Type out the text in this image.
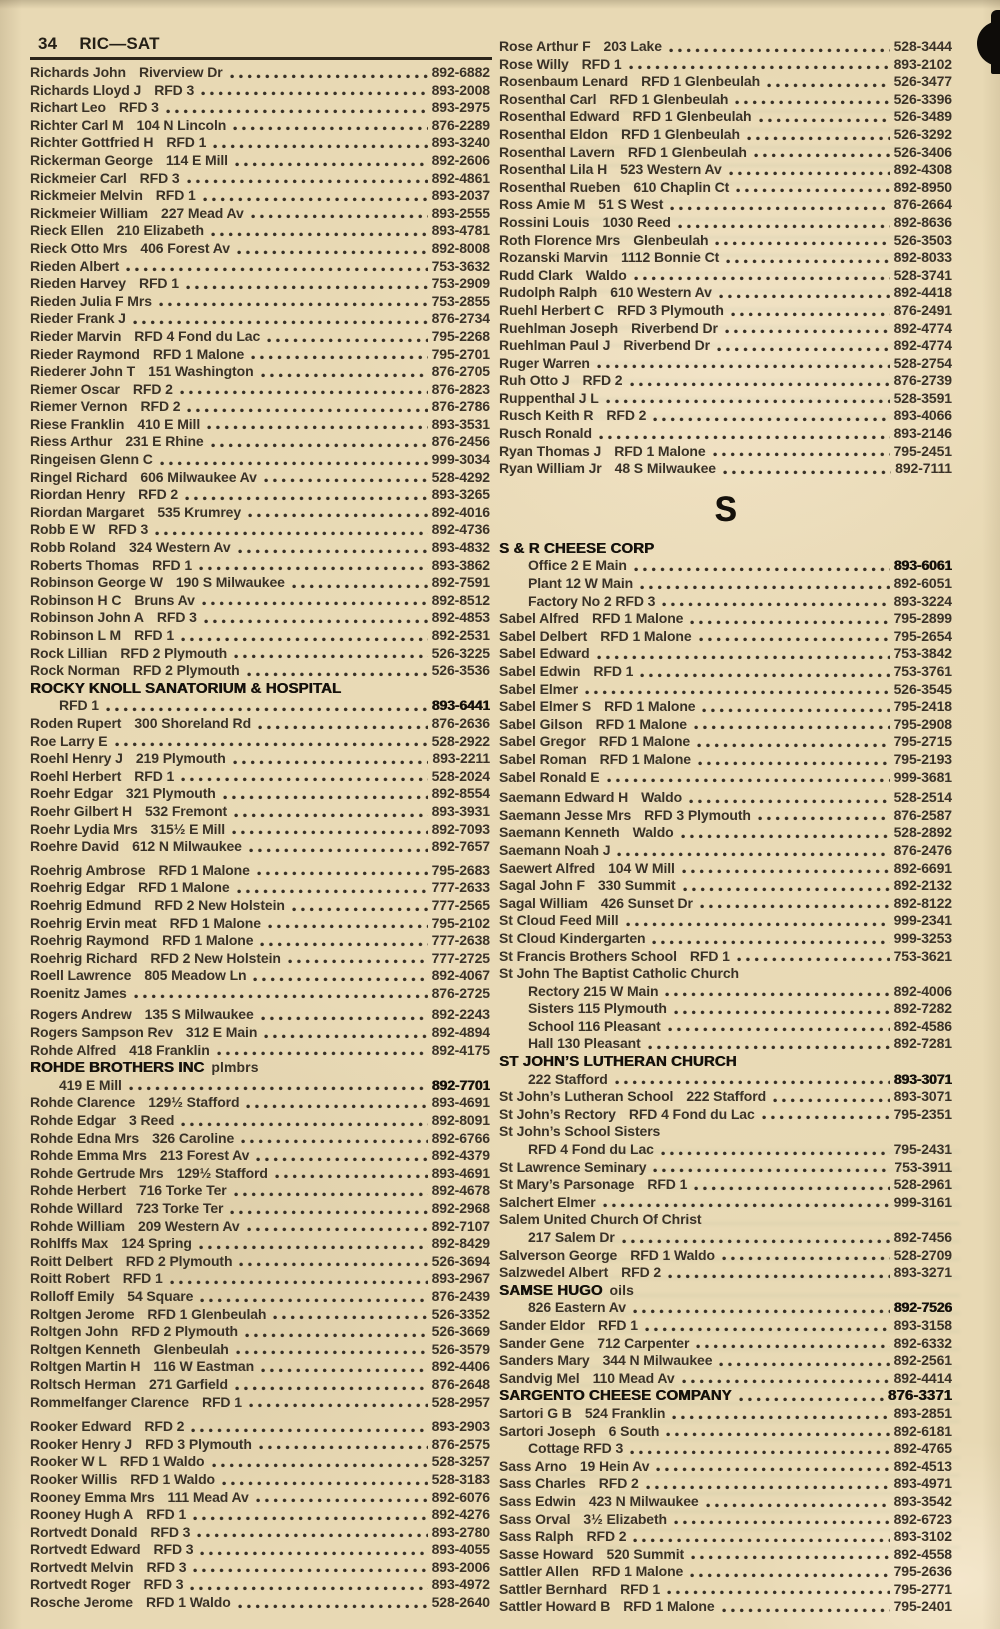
34 RIC—SAT
Richards John Riverview Dr	892-6882
Richards Lloyd J RFD 3	893-2008
Richart Leo RFD 3	893-2975
Richter Carl M 104 N Lincoln	876-2289
Richter Gottfried H RFD 1	893-3240
Rickerman George 114 E Mill	892-2606
Rickmeier Carl RFD 3	892-4861
Rickmeier Melvin RFD 1	893-2037
Rickmeier William 227 Mead Av	893-2555
Rieck Ellen 210 Elizabeth	893-4781
Rieck Otto Mrs 406 Forest Av	892-8008
Rieden Albert	753-3632
Rieden Harvey RFD 1	753-2909
Rieden Julia F Mrs	753-2855
Rieder Frank J	876-2734
Rieder Marvin RFD 4 Fond du Lac	795-2268
Rieder Raymond RFD 1 Malone	795-2701
Riederer John T 151 Washington	876-2705
Riemer Oscar RFD 2	876-2823
Riemer Vernon RFD 2	876-2786
Riese Franklin 410 E Mill	893-3531
Riess Arthur 231 E Rhine	876-2456
Ringeisen Glenn C	999-3034
Ringel Richard 606 Milwaukee Av	528-4292
Riordan Henry RFD 2	893-3265
Riordan Margaret 535 Krumrey	892-4016
Robb E W RFD 3	892-4736
Robb Roland 324 Western Av	893-4832
Roberts Thomas RFD 1	893-3862
Robinson George W 190 S Milwaukee	892-7591
Robinson H C Bruns Av	892-8512
Robinson John A RFD 3	892-4853
Robinson L M RFD 1	892-2531
Rock Lillian RFD 2 Plymouth	526-3225
Rock Norman RFD 2 Plymouth	526-3536
ROCKY KNOLL SANATORIUM & HOSPITAL
RFD 1	893-6441
Roden Rupert 300 Shoreland Rd	876-2636
Roe Larry E	528-2922
Roehl Henry J 219 Plymouth	893-2211
Roehl Herbert RFD 1	528-2024
Roehr Edgar 321 Plymouth	892-8554
Roehr Gilbert H 532 Fremont	893-3931
Roehr Lydia Mrs 315½ E Mill	892-7093
Roehre David 612 N Milwaukee	892-7657
Roehrig Ambrose RFD 1 Malone	795-2683
Roehrig Edgar RFD 1 Malone	777-2633
Roehrig Edmund RFD 2 New Holstein	777-2565
Roehrig Ervin meat RFD 1 Malone	795-2102
Roehrig Raymond RFD 1 Malone	777-2638
Roehrig Richard RFD 2 New Holstein	777-2725
Roell Lawrence 805 Meadow Ln	892-4067
Roenitz James	876-2725
Rogers Andrew 135 S Milwaukee	892-2243
Rogers Sampson Rev 312 E Main	892-4894
Rohde Alfred 418 Franklin	892-4175
ROHDE BROTHERS INC plmbrs
419 E Mill	892-7701
Rohde Clarence 129½ Stafford	893-4691
Rohde Edgar 3 Reed	892-8091
Rohde Edna Mrs 326 Caroline	892-6766
Rohde Emma Mrs 213 Forest Av	892-4379
Rohde Gertrude Mrs 129½ Stafford	893-4691
Rohde Herbert 716 Torke Ter	892-4678
Rohde Willard 723 Torke Ter	892-2968
Rohde William 209 Western Av	892-7107
Rohlffs Max 124 Spring	892-8429
Roitt Delbert RFD 2 Plymouth	526-3694
Roitt Robert RFD 1	893-2967
Rolloff Emily 54 Square	876-2439
Roltgen Jerome RFD 1 Glenbeulah	526-3352
Roltgen John RFD 2 Plymouth	526-3669
Roltgen Kenneth Glenbeulah	526-3579
Roltgen Martin H 116 W Eastman	892-4406
Roltsch Herman 271 Garfield	876-2648
Rommelfanger Clarence RFD 1	528-2957
Rooker Edward RFD 2	893-2903
Rooker Henry J RFD 3 Plymouth	876-2575
Rooker W L RFD 1 Waldo	528-3257
Rooker Willis RFD 1 Waldo	528-3183
Rooney Emma Mrs 111 Mead Av	892-6076
Rooney Hugh A RFD 1	892-4276
Rortvedt Donald RFD 3	893-2780
Rortvedt Edward RFD 3	893-4055
Rortvedt Melvin RFD 3	893-2006
Rortvedt Roger RFD 3	893-4972
Rosche Jerome RFD 1 Waldo	528-2640
Rose Arthur F 203 Lake	528-3444
Rose Willy RFD 1	893-2102
Rosenbaum Lenard RFD 1 Glenbeulah	526-3477
Rosenthal Carl RFD 1 Glenbeulah	526-3396
Rosenthal Edward RFD 1 Glenbeulah	526-3489
Rosenthal Eldon RFD 1 Glenbeulah	526-3292
Rosenthal Lavern RFD 1 Glenbeulah	526-3406
Rosenthal Lila H 523 Western Av	892-4308
Rosenthal Rueben 610 Chaplin Ct	892-8950
Ross Amie M 51 S West	876-2664
Rossini Louis 1030 Reed	892-8636
Roth Florence Mrs Glenbeulah	526-3503
Rozanski Marvin 1112 Bonnie Ct	892-8033
Rudd Clark Waldo	528-3741
Rudolph Ralph 610 Western Av	892-4418
Ruehl Herbert C RFD 3 Plymouth	876-2491
Ruehlman Joseph Riverbend Dr	892-4774
Ruehlman Paul J Riverbend Dr	892-4774
Ruger Warren	528-2754
Ruh Otto J RFD 2	876-2739
Ruppenthal J L	528-3591
Rusch Keith R RFD 2	893-4066
Rusch Ronald	893-2146
Ryan Thomas J RFD 1 Malone	795-2451
Ryan William Jr 48 S Milwaukee	892-7111
S
S & R CHEESE CORP
Office 2 E Main	893-6061
Plant 12 W Main	892-6051
Factory No 2 RFD 3	893-3224
Sabel Alfred RFD 1 Malone	795-2899
Sabel Delbert RFD 1 Malone	795-2654
Sabel Edward	753-3842
Sabel Edwin RFD 1	753-3761
Sabel Elmer	526-3545
Sabel Elmer S RFD 1 Malone	795-2418
Sabel Gilson RFD 1 Malone	795-2908
Sabel Gregor RFD 1 Malone	795-2715
Sabel Roman RFD 1 Malone	795-2193
Sabel Ronald E	999-3681
Saemann Edward H Waldo	528-2514
Saemann Jesse Mrs RFD 3 Plymouth	876-2587
Saemann Kenneth Waldo	528-2892
Saemann Noah J	876-2476
Saewert Alfred 104 W Mill	892-6691
Sagal John F 330 Summit	892-2132
Sagal William 426 Sunset Dr	892-8122
St Cloud Feed Mill	999-2341
St Cloud Kindergarten	999-3253
St Francis Brothers School RFD 1	753-3621
St John The Baptist Catholic Church
Rectory 215 W Main	892-4006
Sisters 115 Plymouth	892-7282
School 116 Pleasant	892-4586
Hall 130 Pleasant	892-7281
ST JOHN’S LUTHERAN CHURCH
222 Stafford	893-3071
St John’s Lutheran School 222 Stafford	893-3071
St John’s Rectory RFD 4 Fond du Lac	795-2351
St John’s School Sisters
RFD 4 Fond du Lac	795-2431
St Lawrence Seminary	753-3911
St Mary’s Parsonage RFD 1	528-2961
Salchert Elmer	999-3161
Salem United Church Of Christ
217 Salem Dr	892-7456
Salverson George RFD 1 Waldo	528-2709
Salzwedel Albert RFD 2	893-3271
SAMSE HUGO oils
826 Eastern Av	892-7526
Sander Eldor RFD 1	893-3158
Sander Gene 712 Carpenter	892-6332
Sanders Mary 344 N Milwaukee	892-2561
Sandvig Mel 110 Mead Av	892-4414
SARGENTO CHEESE COMPANY	876-3371
Sartori G B 524 Franklin	893-2851
Sartori Joseph 6 South	892-6181
Cottage RFD 3	892-4765
Sass Arno 19 Hein Av	892-4513
Sass Charles RFD 2	893-4971
Sass Edwin 423 N Milwaukee	893-3542
Sass Orval 3½ Elizabeth	892-6723
Sass Ralph RFD 2	893-3102
Sasse Howard 520 Summit	892-4558
Sattler Allen RFD 1 Malone	795-2636
Sattler Bernhard RFD 1	795-2771
Sattler Howard B RFD 1 Malone	795-2401
